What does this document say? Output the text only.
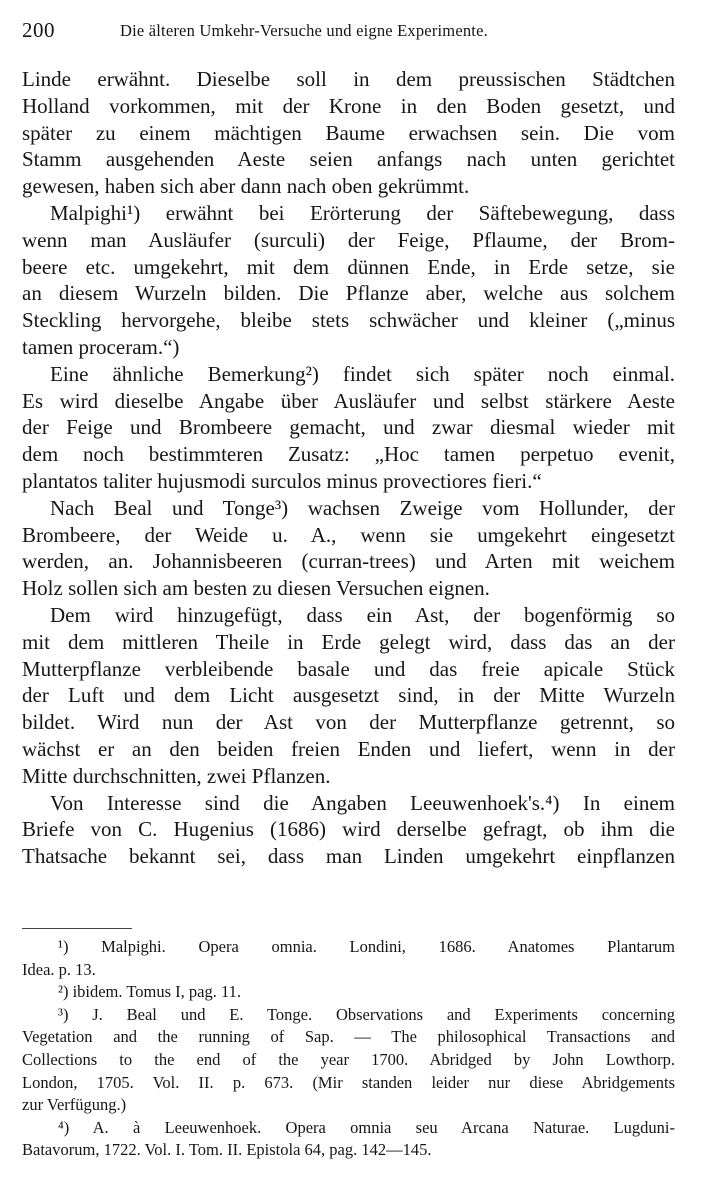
200	Die älteren Umkehr-Versuche und eigne Experimente.
Linde erwähnt. Dieselbe soll in dem preussischen Städtchen
Holland vorkommen, mit der Krone in den Boden gesetzt, und
später zu einem mächtigen Baume erwachsen sein. Die vom
Stamm ausgehenden Aeste seien anfangs nach unten gerichtet
gewesen, haben sich aber dann nach oben gekrümmt.
Malpighi¹) erwähnt bei Erörterung der Säftebewegung, dass
wenn man Ausläufer (surculi) der Feige, Pflaume, der Brom-
beere etc. umgekehrt, mit dem dünnen Ende, in Erde setze, sie
an diesem Wurzeln bilden. Die Pflanze aber, welche aus solchem
Steckling hervorgehe, bleibe stets schwächer und kleiner („minus
tamen proceram.“)
Eine ähnliche Bemerkung²) findet sich später noch einmal.
Es wird dieselbe Angabe über Ausläufer und selbst stärkere Aeste
der Feige und Brombeere gemacht, und zwar diesmal wieder mit
dem noch bestimmteren Zusatz: „Hoc tamen perpetuo evenit,
plantatos taliter hujusmodi surculos minus provectiores fieri.“
Nach Beal und Tonge³) wachsen Zweige vom Hollunder, der
Brombeere, der Weide u. A., wenn sie umgekehrt eingesetzt
werden, an. Johannisbeeren (curran-trees) und Arten mit weichem
Holz sollen sich am besten zu diesen Versuchen eignen.
Dem wird hinzugefügt, dass ein Ast, der bogenförmig so
mit dem mittleren Theile in Erde gelegt wird, dass das an der
Mutterpflanze verbleibende basale und das freie apicale Stück
der Luft und dem Licht ausgesetzt sind, in der Mitte Wurzeln
bildet. Wird nun der Ast von der Mutterpflanze getrennt, so
wächst er an den beiden freien Enden und liefert, wenn in der
Mitte durchschnitten, zwei Pflanzen.
Von Interesse sind die Angaben Leeuwenhoek's.⁴) In einem
Briefe von C. Hugenius (1686) wird derselbe gefragt, ob ihm die
Thatsache bekannt sei, dass man Linden umgekehrt einpflanzen
¹) Malpighi. Opera omnia. Londini, 1686. Anatomes Plantarum
Idea. p. 13.
²) ibidem. Tomus I, pag. 11.
³) J. Beal und E. Tonge. Observations and Experiments concerning
Vegetation and the running of Sap. — The philosophical Transactions and
Collections to the end of the year 1700. Abridged by John Lowthorp.
London, 1705. Vol. II. p. 673. (Mir standen leider nur diese Abridgements
zur Verfügung.)
⁴) A. à Leeuwenhoek. Opera omnia seu Arcana Naturae. Lugduni-
Batavorum, 1722. Vol. I. Tom. II. Epistola 64, pag. 142—145.
